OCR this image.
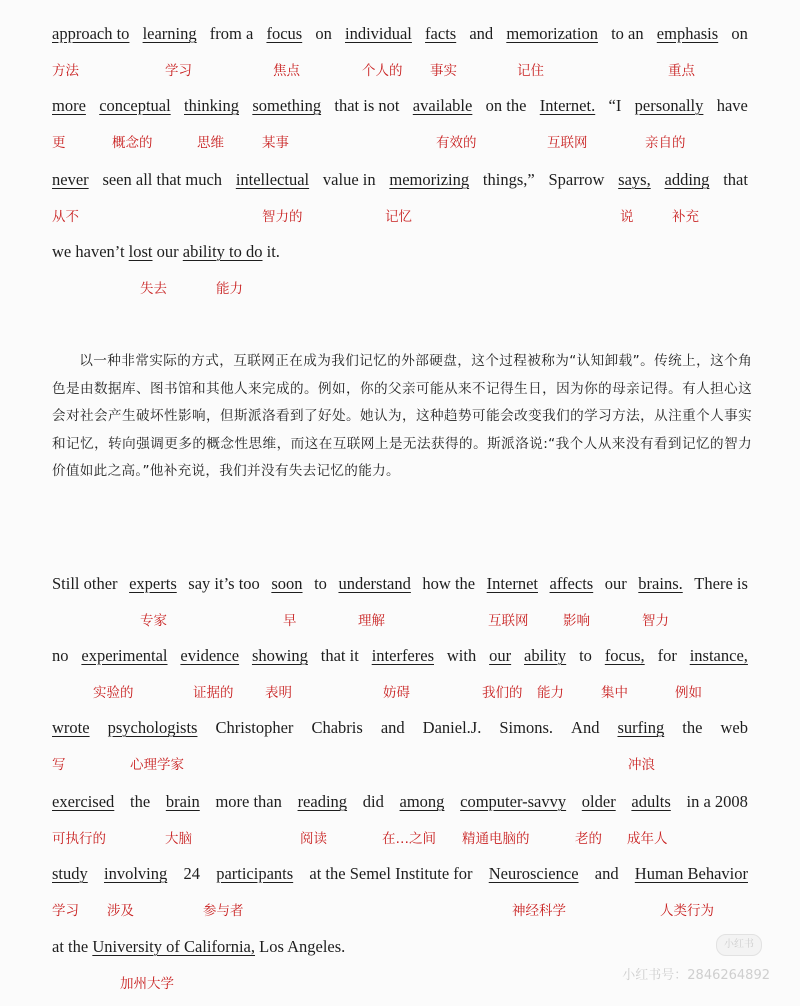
approach to learning from a focus on individual facts and memorization to an emphasis on
方法	学习	焦点	个人的 事实	记住	重点
more conceptual thinking something that is not available on the Internet. “I personally have
更	概念的	思维	某事	有效的	互联网	亲自的
never seen all that much intellectual value in memorizing things,” Sparrow says, adding that
从不	智力的	记忆	说	补充
we haven’t lost our ability to do it.
失去	能力
Still other experts say it’s too soon to understand how the Internet affects our brains. There is
专家	早	理解	互联网	影响	智力
no experimental evidence showing that it interferes with our ability to focus, for instance,
实验的	证据的 表明	妨碍	我们的 能力	集中	例如
wrote psychologists Christopher Chabris and Daniel.J. Simons. And surfing the web
写	心理学家	冲浪
exercised the brain more than reading did among computer-savvy older adults in a 2008
可执行的	大脑	阅读	在…之间 精通电脑的	老的 成年人
study involving 24 participants at the Semel Institute for Neuroscience and Human Behavior
学习 涉及	参与者	神经科学	人类行为
at the University of California, Los Angeles.
加州大学

以一种非常实际的方式，互联网正在成为我们记忆的外部硬盘，这个过程被称为“认知卸载”。传统上，这个角色是由数据库、图书馆和其他人来完成的。例如，你的父亲可能从来不记得生日，因为你的母亲记得。有人担心这会对社会产生破坏性影响，但斯派洛看到了好处。她认为，这种趋势可能会改变我们的学习方法，从注重个人事实和记忆，转向强调更多的概念性思维，而这在互联网上是无法获得的。斯派洛说:“我个人从来没有看到记忆的智力价值如此之高。”他补充说，我们并没有失去记忆的能力。

小红书
小红书号：2846264892
